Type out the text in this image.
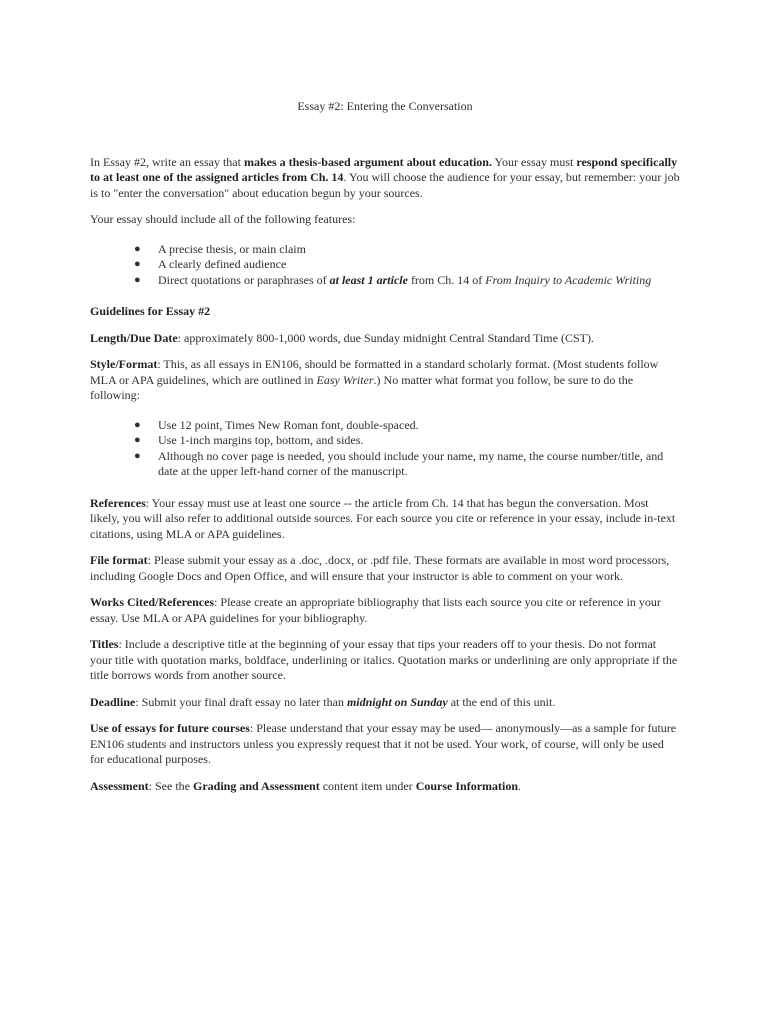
Essay #2: Entering the Conversation

In Essay #2, write an essay that makes a thesis-based argument about education. Your essay must respond specifically to at least one of the assigned articles from Ch. 14. You will choose the audience for your essay, but remember: your job is to "enter the conversation" about education begun by your sources.

Your essay should include all of the following features:

● A precise thesis, or main claim
● A clearly defined audience
● Direct quotations or paraphrases of at least 1 article from Ch. 14 of From Inquiry to Academic Writing

Guidelines for Essay #2

Length/Due Date: approximately 800-1,000 words, due Sunday midnight Central Standard Time (CST).

Style/Format: This, as all essays in EN106, should be formatted in a standard scholarly format. (Most students follow MLA or APA guidelines, which are outlined in Easy Writer.) No matter what format you follow, be sure to do the following:

● Use 12 point, Times New Roman font, double-spaced.
● Use 1-inch margins top, bottom, and sides.
● Although no cover page is needed, you should include your name, my name, the course number/title, and date at the upper left-hand corner of the manuscript.

References: Your essay must use at least one source -- the article from Ch. 14 that has begun the conversation. Most likely, you will also refer to additional outside sources. For each source you cite or reference in your essay, include in-text citations, using MLA or APA guidelines.

File format: Please submit your essay as a .doc, .docx, or .pdf file. These formats are available in most word processors, including Google Docs and Open Office, and will ensure that your instructor is able to comment on your work.

Works Cited/References: Please create an appropriate bibliography that lists each source you cite or reference in your essay. Use MLA or APA guidelines for your bibliography.

Titles: Include a descriptive title at the beginning of your essay that tips your readers off to your thesis. Do not format your title with quotation marks, boldface, underlining or italics. Quotation marks or underlining are only appropriate if the title borrows words from another source.

Deadline: Submit your final draft essay no later than midnight on Sunday at the end of this unit.

Use of essays for future courses: Please understand that your essay may be used— anonymously—as a sample for future EN106 students and instructors unless you expressly request that it not be used. Your work, of course, will only be used for educational purposes.

Assessment: See the Grading and Assessment content item under Course Information.
